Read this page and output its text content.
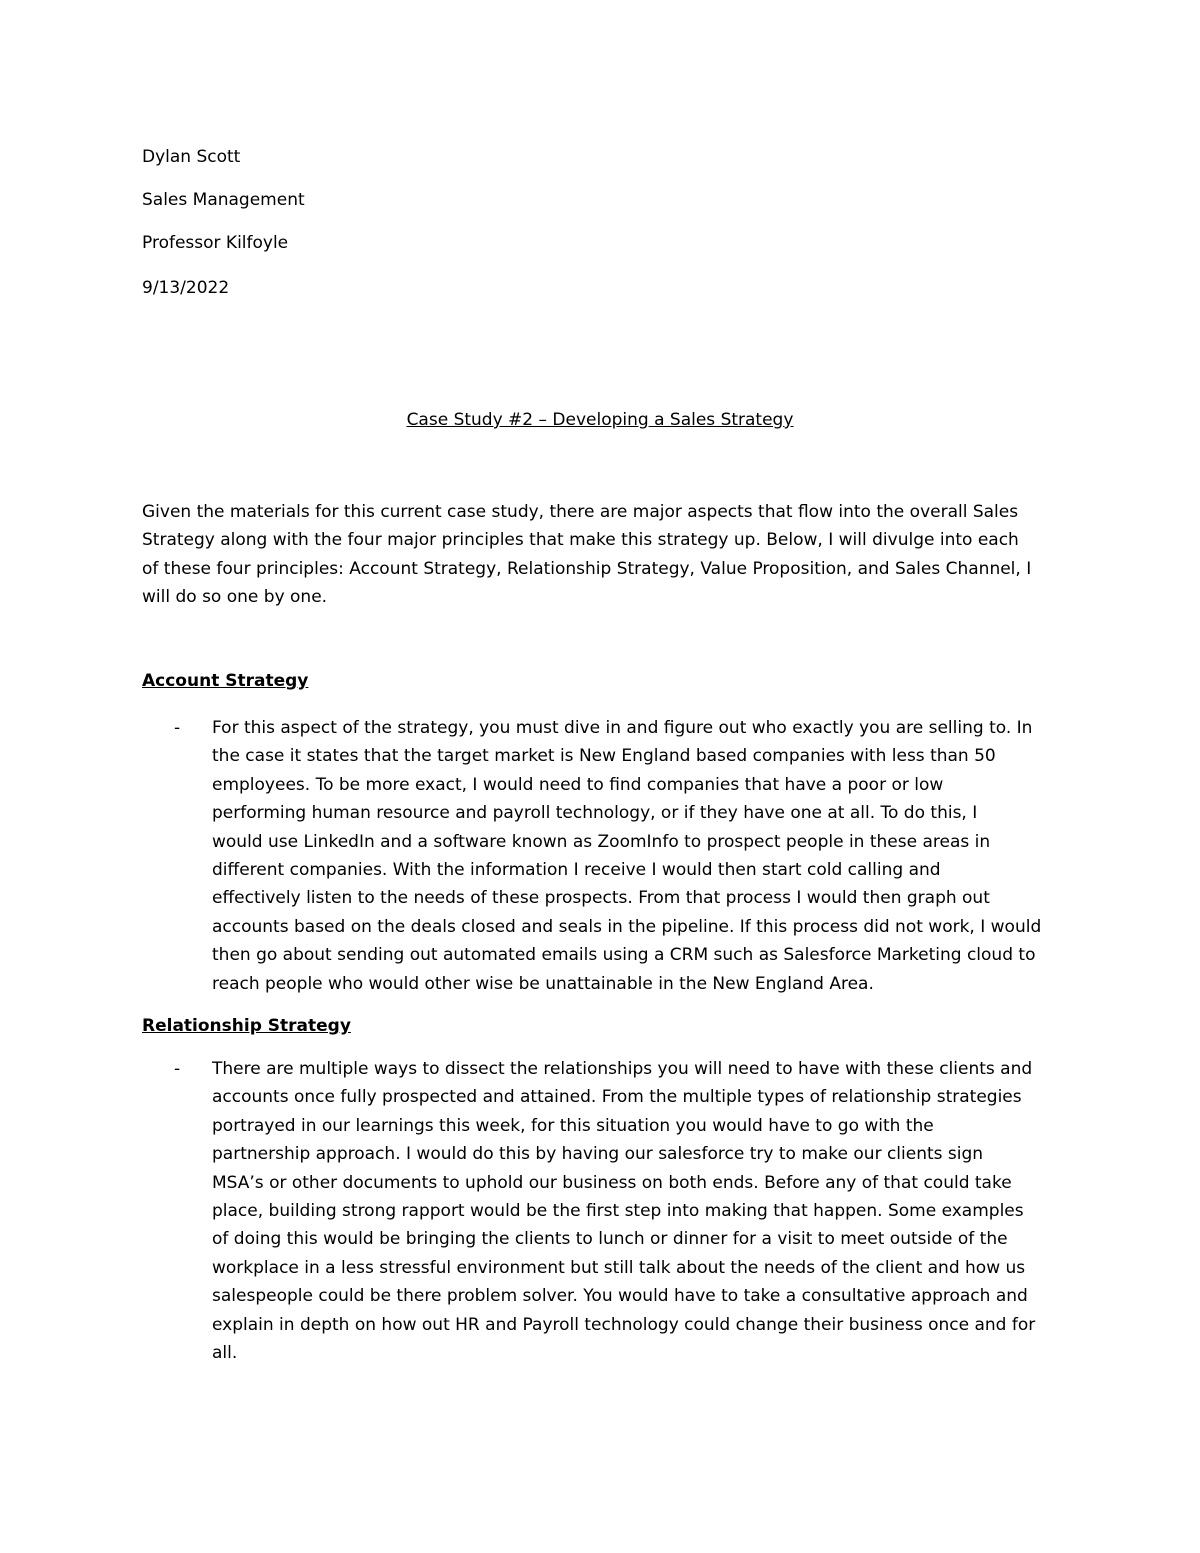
Dylan Scott
Sales Management
Professor Kilfoyle
9/13/2022
Case Study #2 – Developing a Sales Strategy
Given the materials for this current case study, there are major aspects that flow into the overall Sales
Strategy along with the four major principles that make this strategy up. Below, I will divulge into each
of these four principles: Account Strategy, Relationship Strategy, Value Proposition, and Sales Channel, I
will do so one by one.
Account Strategy
- For this aspect of the strategy, you must dive in and figure out who exactly you are selling to. In
the case it states that the target market is New England based companies with less than 50
employees. To be more exact, I would need to find companies that have a poor or low
performing human resource and payroll technology, or if they have one at all. To do this, I
would use LinkedIn and a software known as ZoomInfo to prospect people in these areas in
different companies. With the information I receive I would then start cold calling and
effectively listen to the needs of these prospects. From that process I would then graph out
accounts based on the deals closed and seals in the pipeline. If this process did not work, I would
then go about sending out automated emails using a CRM such as Salesforce Marketing cloud to
reach people who would other wise be unattainable in the New England Area.
Relationship Strategy
- There are multiple ways to dissect the relationships you will need to have with these clients and
accounts once fully prospected and attained. From the multiple types of relationship strategies
portrayed in our learnings this week, for this situation you would have to go with the
partnership approach. I would do this by having our salesforce try to make our clients sign
MSA’s or other documents to uphold our business on both ends. Before any of that could take
place, building strong rapport would be the first step into making that happen. Some examples
of doing this would be bringing the clients to lunch or dinner for a visit to meet outside of the
workplace in a less stressful environment but still talk about the needs of the client and how us
salespeople could be there problem solver. You would have to take a consultative approach and
explain in depth on how out HR and Payroll technology could change their business once and for
all.
